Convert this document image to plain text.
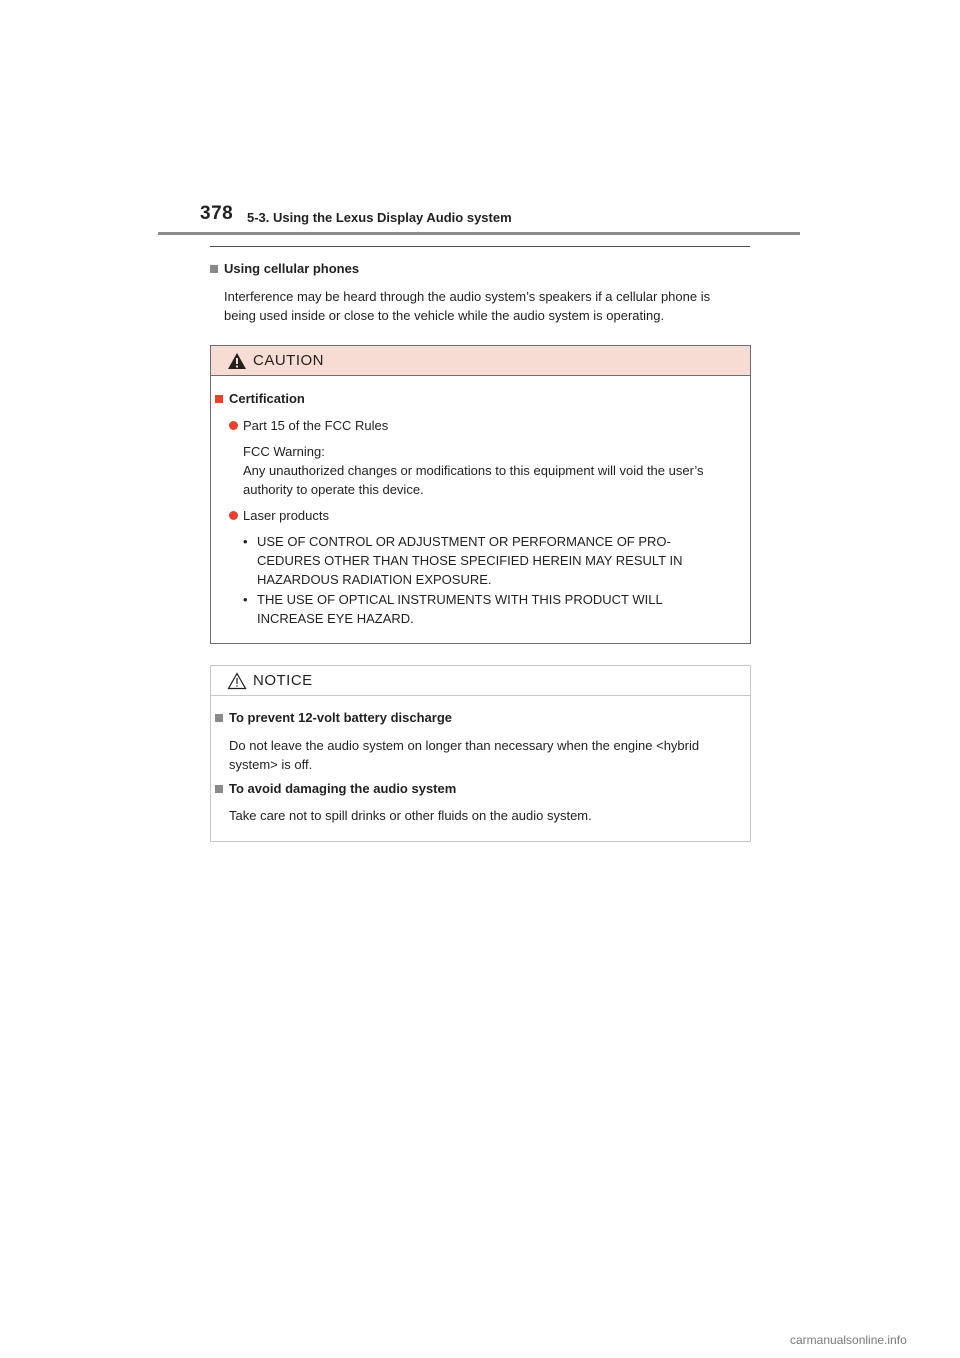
378 5-3. Using the Lexus Display Audio system
Using cellular phones
Interference may be heard through the audio system’s speakers if a cellular phone is
being used inside or close to the vehicle while the audio system is operating.
CAUTION
Certification
Part 15 of the FCC Rules
FCC Warning:
Any unauthorized changes or modifications to this equipment will void the user’s
authority to operate this device.
Laser products
• USE OF CONTROL OR ADJUSTMENT OR PERFORMANCE OF PRO-
CEDURES OTHER THAN THOSE SPECIFIED HEREIN MAY RESULT IN
HAZARDOUS RADIATION EXPOSURE.
• THE USE OF OPTICAL INSTRUMENTS WITH THIS PRODUCT WILL
INCREASE EYE HAZARD.
NOTICE
To prevent 12-volt battery discharge
Do not leave the audio system on longer than necessary when the engine <hybrid
system> is off.
To avoid damaging the audio system
Take care not to spill drinks or other fluids on the audio system.
carmanualsonline.info
